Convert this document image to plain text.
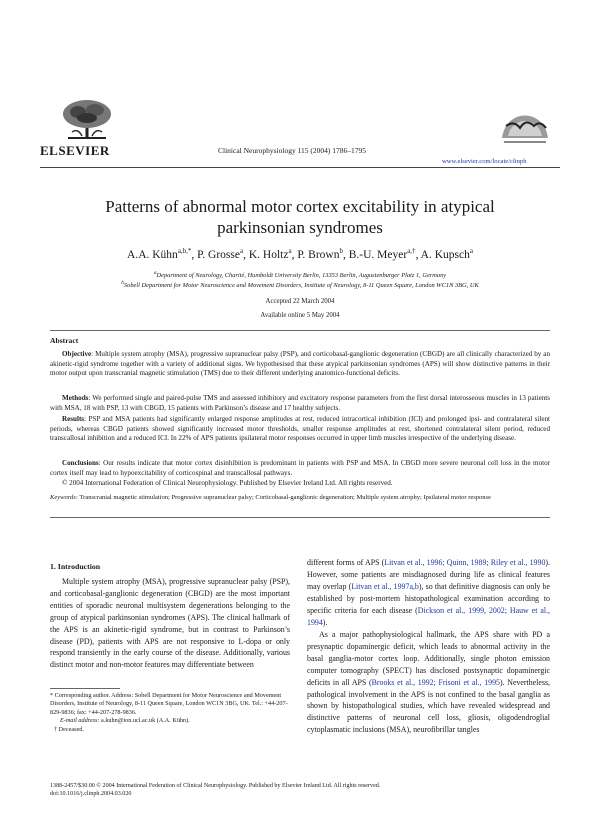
ELSEVIER	Clinical Neurophysiology 115 (2004) 1786–1795
www.elsevier.com/locate/clinph
Patterns of abnormal motor cortex excitability in atypical
parkinsonian syndromes
A.A. Kühn$^{a,b,*}$, P. Grosse$^a$, K. Holtz$^a$, P. Brown$^b$, B.-U. Meyer$^{a,\dagger}$, A. Kupsch$^a$
$^a$Department of Neurology, Charité, Humboldt University Berlin, 13353 Berlin, Augustenburger Platz 1, Germany
$^b$Sobell Department for Motor Neuroscience and Movement Disorders, Institute of Neurology, 8-11 Queen Square, London WC1N 3BG, UK
Accepted 22 March 2004
Available online 5 May 2004
Abstract
Objective: Multiple system atrophy (MSA), progressive supranuclear palsy (PSP), and corticobasal-ganglionic degeneration (CBGD) are all clinically characterized by an akinetic-rigid syndrome together with a variety of additional signs. We hypothesised that these atypical parkinsonian syndromes (APS) will show distinctive patterns in their motor output upon transcranial magnetic stimulation (TMS) due to their different underlying anatomico-functional deficits.
Methods: We performed single and paired-pulse TMS and assessed inhibitory and excitatory response parameters from the first dorsal interosseous muscles in 13 patients with MSA, 18 with PSP, 13 with CBGD, 15 patients with Parkinson’s disease and 17 healthy subjects.
Results: PSP and MSA patients had significantly enlarged response amplitudes at rest, reduced intracortical inhibition (ICI) and prolonged ipsi- and contralateral silent periods, whereas CBGD patients showed significantly increased motor thresholds, smaller response amplitudes at rest, shortened contralateral silent period, reduced transcallosal inhibition and a reduced ICI. In 22% of APS patients ipsilateral motor responses occurred in upper limb muscles irrespective of the underlying disease.
Conclusions: Our results indicate that motor cortex disinhibition is predominant in patients with PSP and MSA. In CBGD more severe neuronal cell loss in the motor cortex itself may lead to hypoexcitability of corticospinal and transcallosal pathways.
© 2004 International Federation of Clinical Neurophysiology. Published by Elsevier Ireland Ltd. All rights reserved.
Keywords: Transcranial magnetic stimulation; Progressive supranuclear palsy; Corticobasal-ganglionic degeneration; Multiple system atrophy; Ipsilateral motor response
1. Introduction
Multiple system atrophy (MSA), progressive supranuclear palsy (PSP), and corticobasal-ganglionic degeneration (CBGD) are the most important entities of sporadic neuronal multisystem degenerations belonging to the group of atypical parkinsonian syndromes (APS). The clinical hallmark of the APS is an akinetic-rigid syndrome, but in contrast to Parkinson’s disease (PD), patients with APS are not responsive to L-dopa or only respond transiently in the early course of the disease. Additionally, various distinct motor and non-motor features may differentiate between
different forms of APS (Litvan et al., 1996; Quinn, 1989; Riley et al., 1990). However, some patients are misdiagnosed during life as clinical features may overlap (Litvan et al., 1997a,b), so that definitive diagnosis can only be established by post-mortem histopathological examination according to specific criteria for each disease (Dickson et al., 1999, 2002; Hauw et al., 1994).
As a major pathophysiological hallmark, the APS share with PD a presynaptic dopaminergic deficit, which leads to abnormal activity in the basal ganglia-motor cortex loop. Additionally, single photon emission computer tomography (SPECT) has disclosed postsynaptic dopaminergic deficits in all APS (Brooks et al., 1992; Frisoni et al., 1995). Nevertheless, pathological involvement in the APS is not confined to the basal ganglia as shown by histopathological studies, which have revealed widespread and distinctive patterns of neuronal cell loss, gliosis, oligodendroglial cytoplasmatic inclusions (MSA), neurofibrillar tangles
* Corresponding author. Address: Sobell Department for Motor Neuroscience and Movement Disorders, Institute of Neurology, 8-11 Queen Square, London WC1N 3BG, UK. Tel.: +44-207-829-9836; fax: +44-207-278-9836.
E-mail address: a.kuhn@ion.ucl.ac.uk (A.A. Kühn).
† Deceased.
1388-2457/$30.00 © 2004 International Federation of Clinical Neurophysiology. Published by Elsevier Ireland Ltd. All rights reserved.
doi:10.1016/j.clinph.2004.03.020
